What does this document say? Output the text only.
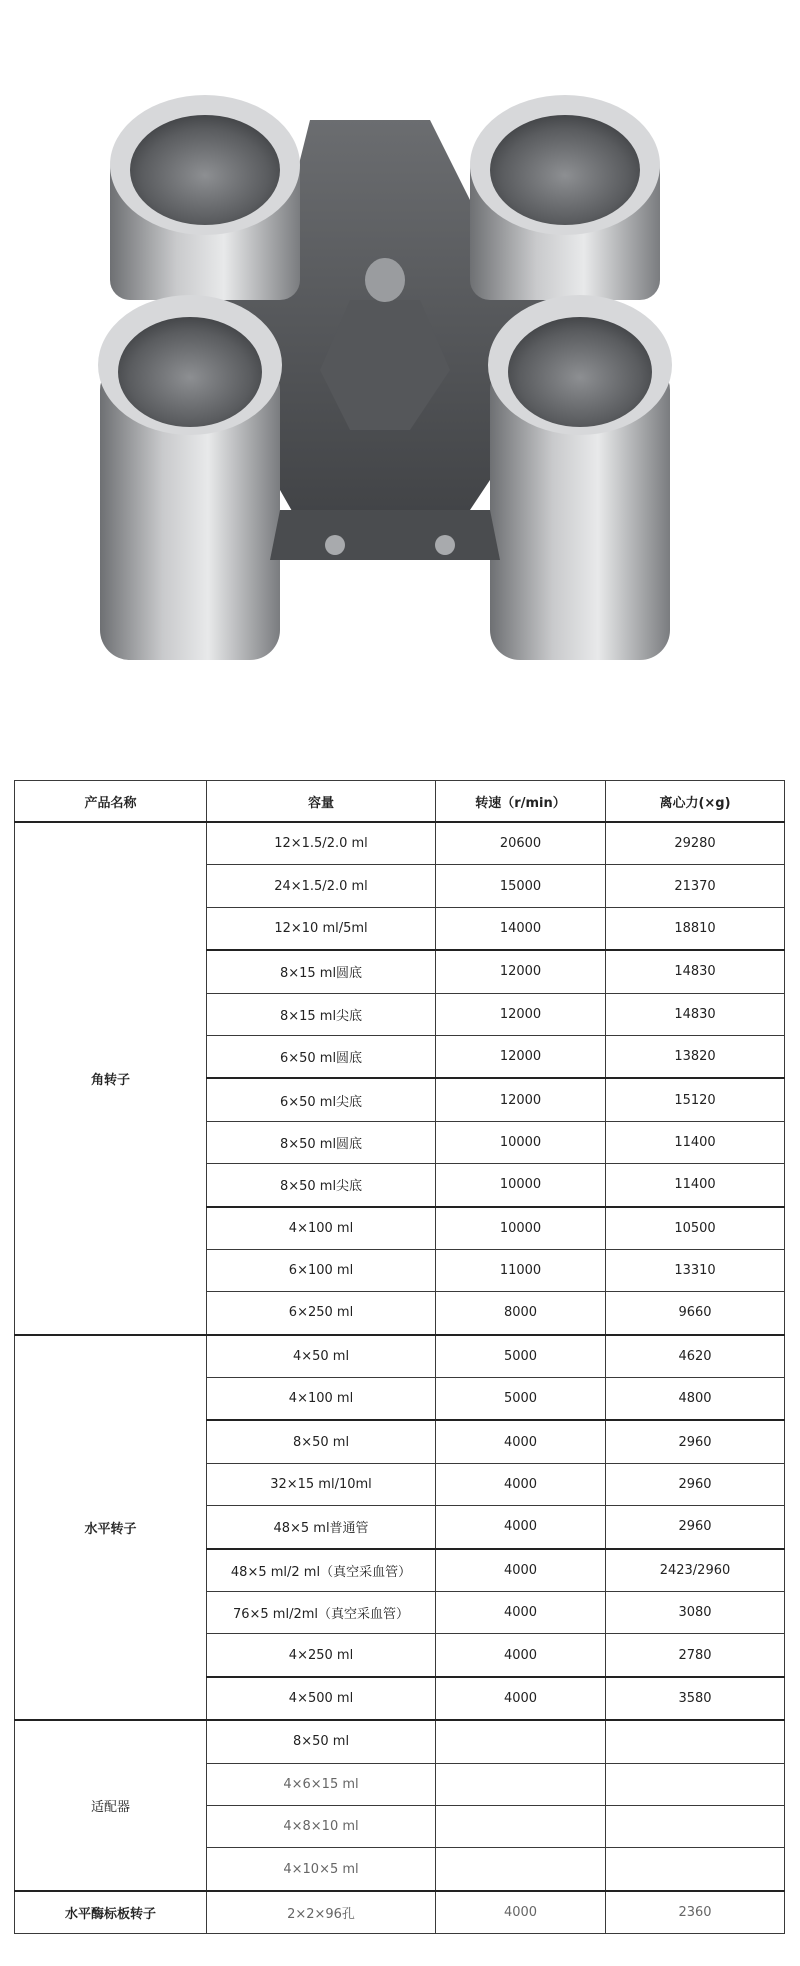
产品名称	容量	转速（r/min）	离心力(×g)
角转子	12×1.5/2.0 ml	20600	29280
	24×1.5/2.0 ml	15000	21370
	12×10 ml/5ml	14000	18810
	8×15 ml圆底	12000	14830
	8×15 ml尖底	12000	14830
	6×50 ml圆底	12000	13820
	6×50 ml尖底	12000	15120
	8×50 ml圆底	10000	11400
	8×50 ml尖底	10000	11400
	4×100 ml	10000	10500
	6×100 ml	11000	13310
	6×250 ml	8000	9660
水平转子	4×50 ml	5000	4620
	4×100 ml	5000	4800
	8×50 ml	4000	2960
	32×15 ml/10ml	4000	2960
	48×5 ml普通管	4000	2960
	48×5 ml/2 ml（真空采血管）	4000	2423/2960
	76×5 ml/2ml（真空采血管）	4000	3080
	4×250 ml	4000	2780
	4×500 ml	4000	3580
适配器	8×50 ml		
	4×6×15 ml		
	4×8×10 ml		
	4×10×5 ml		
水平酶标板转子	2×2×96孔	4000	2360
